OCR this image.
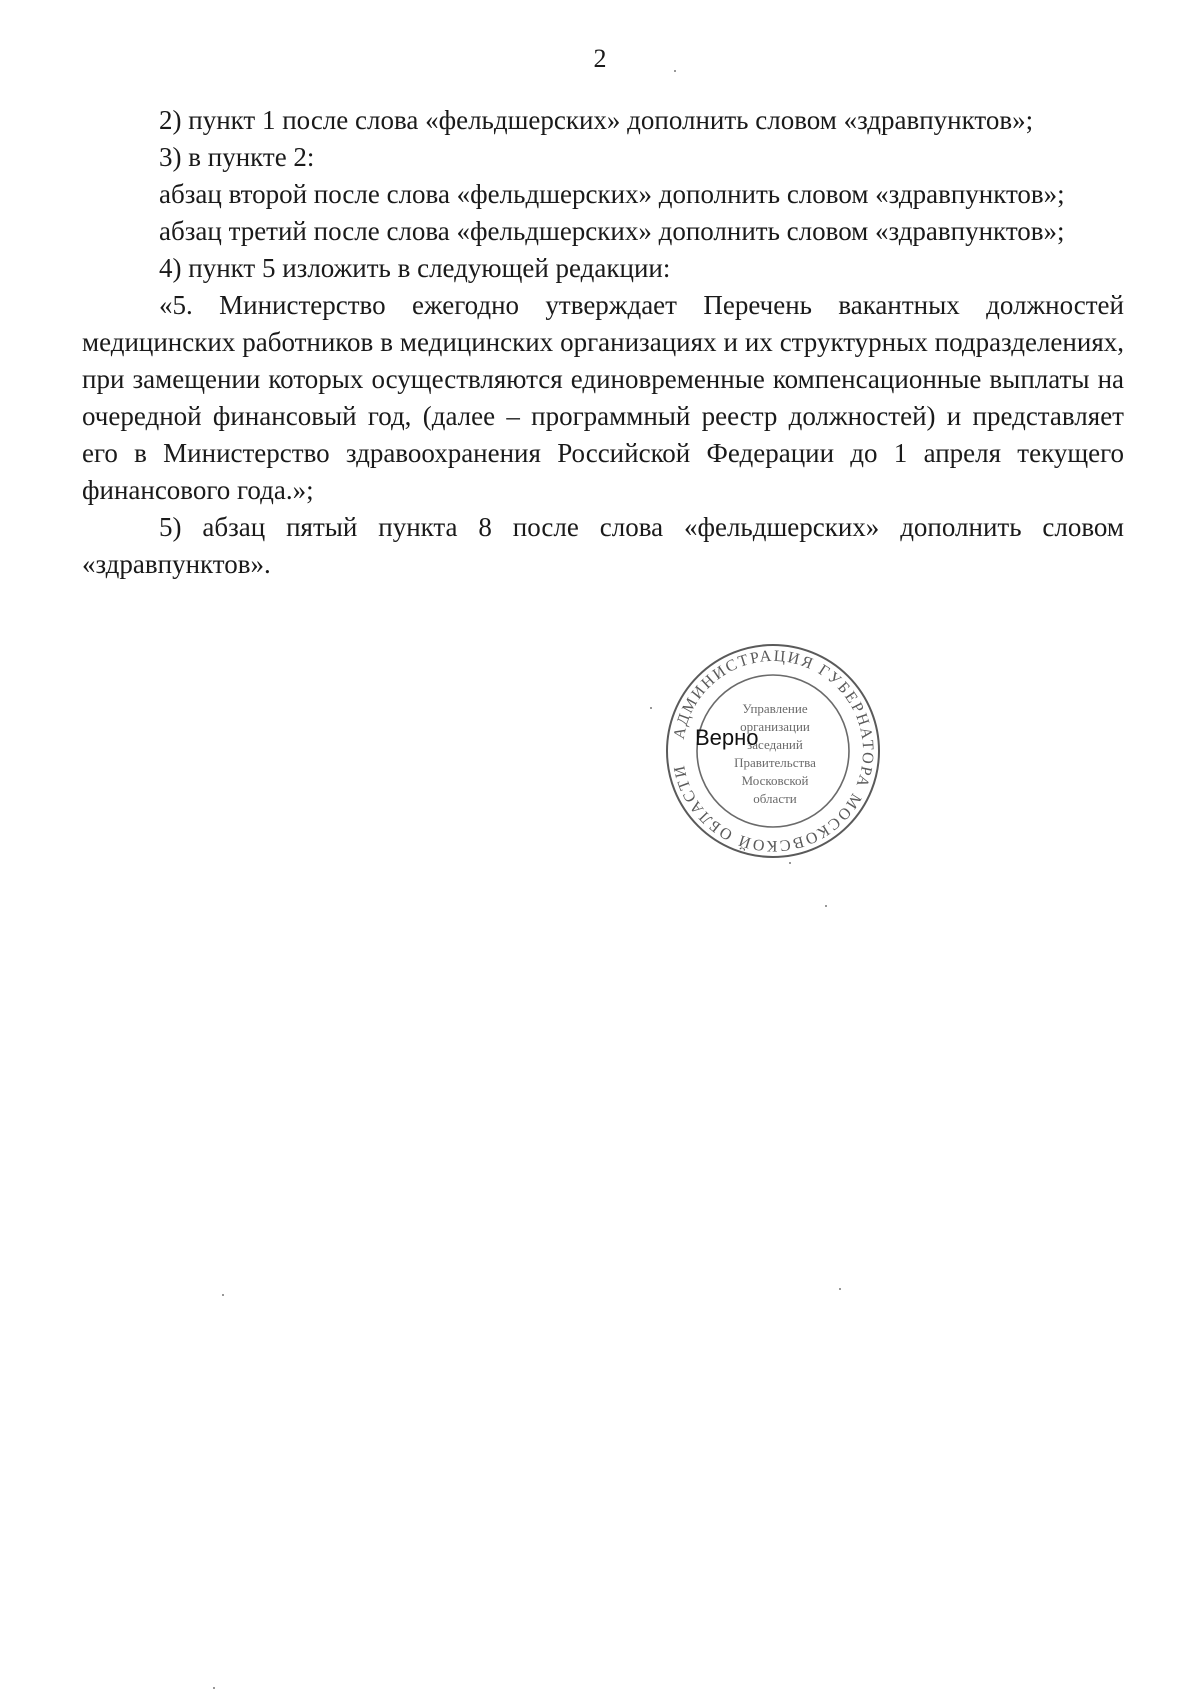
2

2) пункт 1 после слова «фельдшерских» дополнить словом «здравпунктов»;

3) в пункте 2:

абзац второй после слова «фельдшерских» дополнить словом «здравпунктов»;

абзац третий после слова «фельдшерских» дополнить словом «здравпунктов»;

4) пункт 5 изложить в следующей редакции:

«5. Министерство ежегодно утверждает Перечень вакантных должностей медицинских работников в медицинских организациях и их структурных подразделениях, при замещении которых осуществляются единовременные компенсационные выплаты на очередной финансовый год, (далее – программный реестр должностей) и представляет его в Министерство здравоохранения Российской Федерации до 1 апреля текущего финансового года.»;

5) абзац пятый пункта 8 после слова «фельдшерских» дополнить словом «здравпунктов».

АДМИНИСТРАЦИЯ ГУБЕРНАТОРА МОСКОВСКОЙ ОБЛАСТИ
Управление
организации
заседаний
Правительства
Московской
области
Верно
